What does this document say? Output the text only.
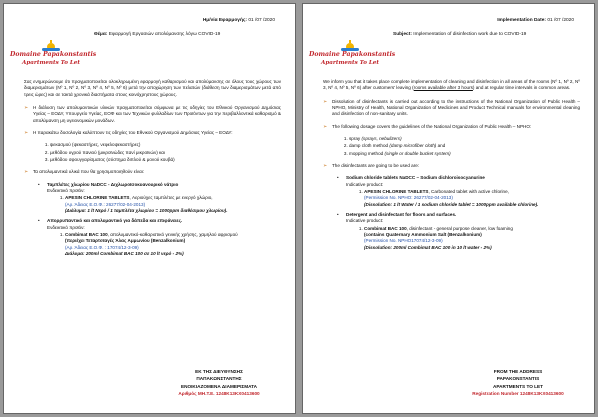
Ημ/νία Εφαρμογής: 01 /07 /2020
Θέμα: Εφαρμογή Εργασιών απολύμανσης λόγω COVID-19
Domaine Papakonstantis
Apartments To Let

Σας ενημερώνουμε ότι πραγματοποιείται ολοκληρωμένη εφαρμογή καθαρισμού και απολύμανσης σε όλους τους χώρους των διαμερισμάτων (Νº 1, Νº 2, Νº 3, Νº 4, Νº 5, Νº 6) μετά την αποχώρηση των πελατών (διάθεση των διαμερισμάτων μετά από τρεις ώρες) και σε τακτά χρονικά διαστήματα στους κοινόχρηστους χώρους.

➢ Η διάλυση των απολυμαντικών υλικών πραγματοποιείται σύμφωνα με τις οδηγίες του Εθνικού Οργανισμού Δημόσιας Υγείας – ΕΟΔΥ, Υπουργείο Υγείας, ΕΟΦ και των Τεχνικών φυλλαδίων των Προϊόντων για την περιβαλλοντικά καθαρισμό & απολύμανση μη υγειονομικών μονάδων.
➢ Η παρακάτω δοσολογία καλύπτουν τις οδηγίες του Εθνικού Οργανισμού Δημόσιας Υγείας – ΕΟΔΥ:
1. ψεκασμού (ψεκαστήρες, νεφελοψεκαστήρες)
2. μεθόδου υγρού πανιού (μικροϊνώδες πανί μικροϊνών) και
3. μεθόδου σφουγγαρίσματος (σύστημα διπλού & μονού κουβά)
➢ Τα απολυμαντικά υλικά που θα χρησιμοποιηθούν είναι:
• Ταμπλέτες χλωρίου NaDCC - Διχλωροϊσοκυανουρικό νάτριο
Ενδεικτικό προϊόν:
1. APESIN CHLORINE TABLETS, Αεριούχες ταμπλέτες με ενεργό χλώριο,
(Αρ. Άδειας Ε.Ο.Φ.: 26277/02-04-2013)
(Διάλυμα: 1 lt Νερό / 1 ταμπλέτα χλωρίου = 1000ppm διαθέσιμου χλωρίου).
• Απορρυπαντικό και απολυμαντικό για δάπεδα και επιφάνειες.
Ενδεικτικό προϊόν:
1. Combimat BAC 100, απολυμαντικό-καθαριστικό γενικής χρήσης, χαμηλού αφρισμού
(περιέχει Τεταρτοταγές Άλας Αμμωνίου (Benzalkonium)
(Αρ. Άδειας Ε.Ο.Φ. : 17074/12-3-09)
Διάλυμα: 200ml Combimat BAC 100 σε 10 lt νερό - 2%)
ΕΚ ΤΗΣ ΔΙΕΥΘΥΝΣΗΣ
ΠΑΠΑΚΩΝΣΤΑΝΤΗΣ
ΕΝΟΙΚΙΑΖΟΜΕΝΑ ΔΙΑΜΕΡΙΣΜΑΤΑ
Αριθμός ΜΗ.Τ.Ε. 1248Κ13ΚΧ0413600
Implementation Date: 01 /07 /2020
Subject: Implementation of disinfection work due to COVID-19
Domaine Papakonstantis
Apartments To Let

We inform you that it takes place complete implementation of cleaning and disinfection in all areas of the rooms (Nº 1, Nº 2, Nº 3, Nº 4, Nº 5, Nº 6) after customers' leaving (rooms available after 3 hours) and at regular time intervals in common areas.

➢ Dissolution of disinfectants is carried out according to the instructions of the National Organization of Public Health – NPHO, Ministry of Health, National Organization of Medicines and Product Technical manuals for environmental cleaning and disinfection of non-sanitary units.
➢ The following dosage covers the guidelines of the National Organization of Public Health – NPHO:
1. spray (sprays, nebulizers)
2. damp cloth method (damp microfiber cloth) and
3. mopping method (single or double bucket system)
➢ The disinfectants are going to be used are:
• Sodium chloride tablets NaDCC – Sodium dichloroisocyanurine
Indicative product:
1. APESIN CHLORINE TABLETS, Carbonated tablet with active chlorine,
(Permission No. NPHO: 26277/02-04-2013)
(Dissolution: 1 lt Water / 1 sodium chloride tablet = 1000ppm available chlorine).
• Detergent and disinfectant for floors and surfaces.
Indicative product:
1. Combimat BAC 100, disinfectant - general purpose cleaner, low foaming
(contains Quaternary Ammonium Salt (Benzalkonium)
(Permission No. NPHO17074/12-3-09)
(Dissolution: 200ml Combimat BAC 100 in 10 lt water - 2%)
FROM THE ADDRESS
PAPAKONSTANTIS
APARTMENTS TO LET
Registration Number 1248K13ΚΧ0413600
